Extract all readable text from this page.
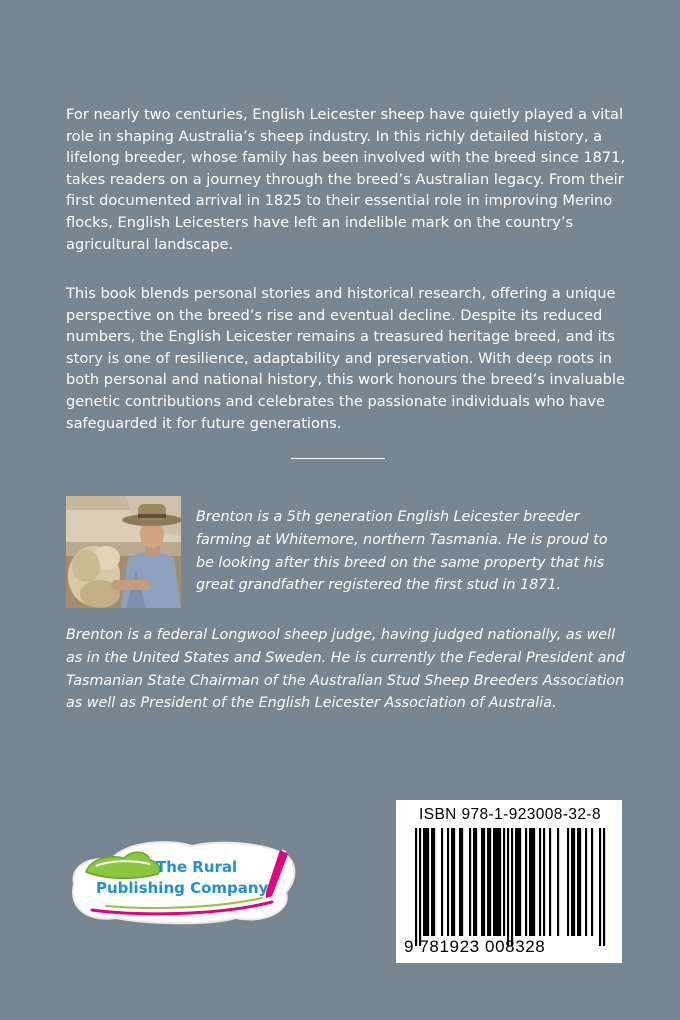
For nearly two centuries, English Leicester sheep have quietly played a vital role in shaping Australia’s sheep industry. In this richly detailed history, a lifelong breeder, whose family has been involved with the breed since 1871, takes readers on a journey through the breed’s Australian legacy. From their first documented arrival in 1825 to their essential role in improving Merino flocks, English Leicesters have left an indelible mark on the country’s agricultural landscape.

This book blends personal stories and historical research, offering a unique perspective on the breed’s rise and eventual decline. Despite its reduced numbers, the English Leicester remains a treasured heritage breed, and its story is one of resilience, adaptability and preservation. With deep roots in both personal and national history, this work honours the breed’s invaluable genetic contributions and celebrates the passionate individuals who have safeguarded it for future generations.

Brenton is a 5th generation English Leicester breeder farming at Whitemore, northern Tasmania. He is proud to be looking after this breed on the same property that his great grandfather registered the first stud in 1871.

Brenton is a federal Longwool sheep judge, having judged nationally, as well as in the United States and Sweden. He is currently the Federal President and Tasmanian State Chairman of the Australian Stud Sheep Breeders Association as well as President of the English Leicester Association of Australia.

The Rural
Publishing Company
ISBN 978-1-923008-32-8
9 781923 008328
